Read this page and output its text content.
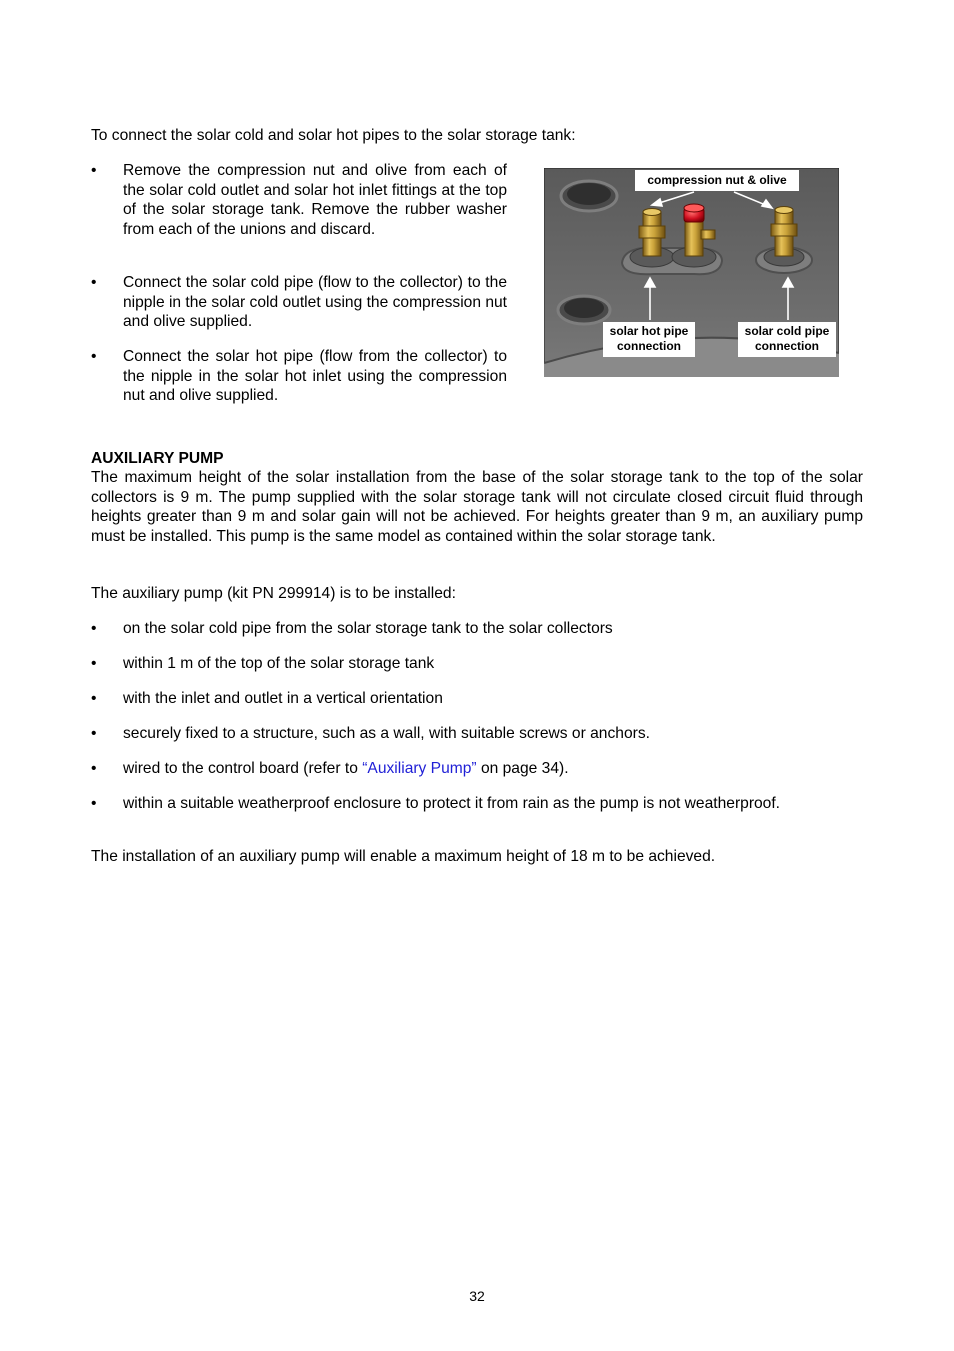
To connect the solar cold and solar hot pipes to the solar storage tank:
•	Remove the compression nut and olive from each of the solar cold outlet and solar hot inlet fittings at the top of the solar storage tank. Remove the rubber washer from each of the unions and discard.
•	Connect the solar cold pipe (flow to the collector) to the nipple in the solar cold outlet using the compression nut and olive supplied.
•	Connect the solar hot pipe (flow from the collector) to the nipple in the solar hot inlet using the compression nut and olive supplied.
compression nut & olive
solar hot pipe
connection
solar cold pipe
connection
AUXILIARY PUMP
The maximum height of the solar installation from the base of the solar storage tank to the top of the solar collectors is 9 m. The pump supplied with the solar storage tank will not circulate closed circuit fluid through heights greater than 9 m and solar gain will not be achieved. For heights greater than 9 m, an auxiliary pump must be installed. This pump is the same model as contained within the solar storage tank.
The auxiliary pump (kit PN 299914) is to be installed:
• on the solar cold pipe from the solar storage tank to the solar collectors
• within 1 m of the top of the solar storage tank
• with the inlet and outlet in a vertical orientation
• securely fixed to a structure, such as a wall, with suitable screws or anchors.
• wired to the control board (refer to “Auxiliary Pump” on page 34).
• within a suitable weatherproof enclosure to protect it from rain as the pump is not weatherproof.
The installation of an auxiliary pump will enable a maximum height of 18 m to be achieved.
32
